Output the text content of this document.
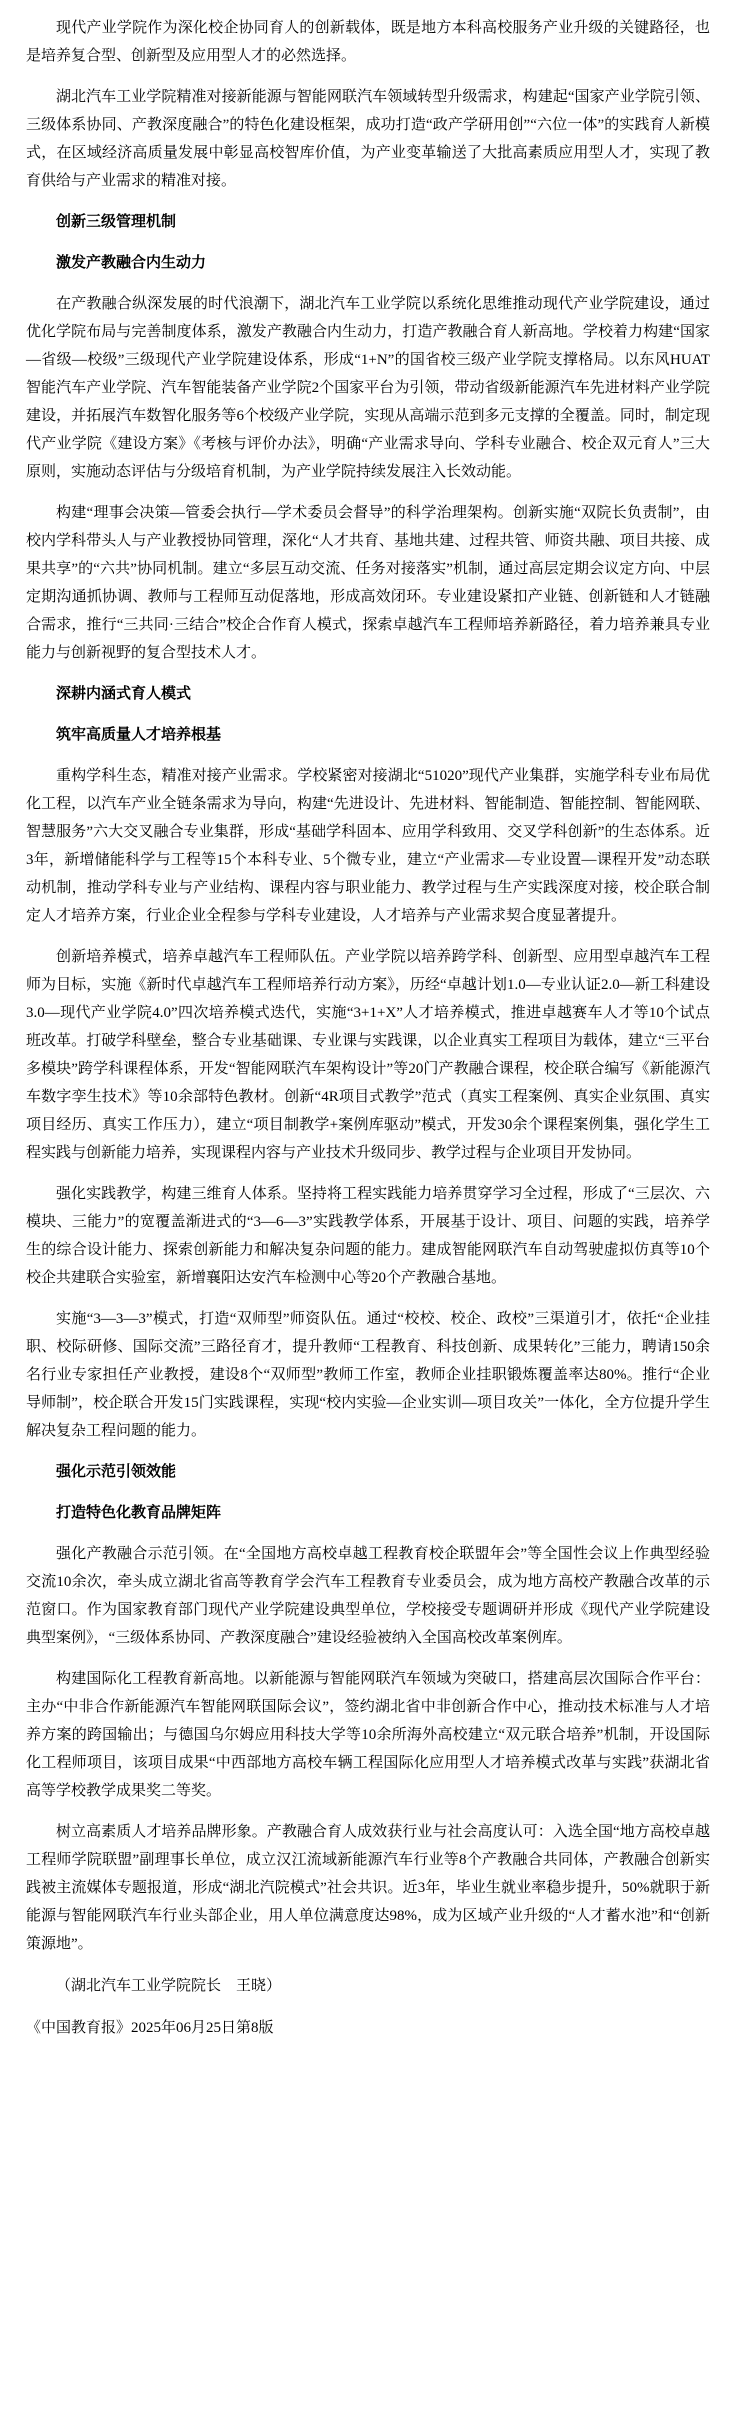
现代产业学院作为深化校企协同育人的创新载体，既是地方本科高校服务产业升级的关键路径，也是培养复合型、创新型及应用型人才的必然选择。

湖北汽车工业学院精准对接新能源与智能网联汽车领域转型升级需求，构建起“国家产业学院引领、三级体系协同、产教深度融合”的特色化建设框架，成功打造“政产学研用创”“六位一体”的实践育人新模式，在区域经济高质量发展中彰显高校智库价值，为产业变革输送了大批高素质应用型人才，实现了教育供给与产业需求的精准对接。

创新三级管理机制

激发产教融合内生动力

在产教融合纵深发展的时代浪潮下，湖北汽车工业学院以系统化思维推动现代产业学院建设，通过优化学院布局与完善制度体系，激发产教融合内生动力，打造产教融合育人新高地。学校着力构建“国家—省级—校级”三级现代产业学院建设体系，形成“1+N”的国省校三级产业学院支撑格局。以东风HUAT智能汽车产业学院、汽车智能装备产业学院2个国家平台为引领，带动省级新能源汽车先进材料产业学院建设，并拓展汽车数智化服务等6个校级产业学院，实现从高端示范到多元支撑的全覆盖。同时，制定现代产业学院《建设方案》《考核与评价办法》，明确“产业需求导向、学科专业融合、校企双元育人”三大原则，实施动态评估与分级培育机制，为产业学院持续发展注入长效动能。

构建“理事会决策—管委会执行—学术委员会督导”的科学治理架构。创新实施“双院长负责制”，由校内学科带头人与产业教授协同管理，深化“人才共育、基地共建、过程共管、师资共融、项目共接、成果共享”的“六共”协同机制。建立“多层互动交流、任务对接落实”机制，通过高层定期会议定方向、中层定期沟通抓协调、教师与工程师互动促落地，形成高效闭环。专业建设紧扣产业链、创新链和人才链融合需求，推行“三共同·三结合”校企合作育人模式，探索卓越汽车工程师培养新路径，着力培养兼具专业能力与创新视野的复合型技术人才。

深耕内涵式育人模式

筑牢高质量人才培养根基

重构学科生态，精准对接产业需求。学校紧密对接湖北“51020”现代产业集群，实施学科专业布局优化工程，以汽车产业全链条需求为导向，构建“先进设计、先进材料、智能制造、智能控制、智能网联、智慧服务”六大交叉融合专业集群，形成“基础学科固本、应用学科致用、交叉学科创新”的生态体系。近3年，新增储能科学与工程等15个本科专业、5个微专业，建立“产业需求—专业设置—课程开发”动态联动机制，推动学科专业与产业结构、课程内容与职业能力、教学过程与生产实践深度对接，校企联合制定人才培养方案，行业企业全程参与学科专业建设，人才培养与产业需求契合度显著提升。

创新培养模式，培养卓越汽车工程师队伍。产业学院以培养跨学科、创新型、应用型卓越汽车工程师为目标，实施《新时代卓越汽车工程师培养行动方案》，历经“卓越计划1.0—专业认证2.0—新工科建设3.0—现代产业学院4.0”四次培养模式迭代，实施“3+1+X”人才培养模式，推进卓越赛车人才等10个试点班改革。打破学科壁垒，整合专业基础课、专业课与实践课，以企业真实工程项目为载体，建立“三平台多模块”跨学科课程体系，开发“智能网联汽车架构设计”等20门产教融合课程，校企联合编写《新能源汽车数字孪生技术》等10余部特色教材。创新“4R项目式教学”范式（真实工程案例、真实企业氛围、真实项目经历、真实工作压力），建立“项目制教学+案例库驱动”模式，开发30余个课程案例集，强化学生工程实践与创新能力培养，实现课程内容与产业技术升级同步、教学过程与企业项目开发协同。

强化实践教学，构建三维育人体系。坚持将工程实践能力培养贯穿学习全过程，形成了“三层次、六模块、三能力”的宽覆盖渐进式的“3—6—3”实践教学体系，开展基于设计、项目、问题的实践，培养学生的综合设计能力、探索创新能力和解决复杂问题的能力。建成智能网联汽车自动驾驶虚拟仿真等10个校企共建联合实验室，新增襄阳达安汽车检测中心等20个产教融合基地。

实施“3—3—3”模式，打造“双师型”师资队伍。通过“校校、校企、政校”三渠道引才，依托“企业挂职、校际研修、国际交流”三路径育才，提升教师“工程教育、科技创新、成果转化”三能力，聘请150余名行业专家担任产业教授，建设8个“双师型”教师工作室，教师企业挂职锻炼覆盖率达80%。推行“企业导师制”，校企联合开发15门实践课程，实现“校内实验—企业实训—项目攻关”一体化，全方位提升学生解决复杂工程问题的能力。

强化示范引领效能

打造特色化教育品牌矩阵

强化产教融合示范引领。在“全国地方高校卓越工程教育校企联盟年会”等全国性会议上作典型经验交流10余次，牵头成立湖北省高等教育学会汽车工程教育专业委员会，成为地方高校产教融合改革的示范窗口。作为国家教育部门现代产业学院建设典型单位，学校接受专题调研并形成《现代产业学院建设典型案例》，“三级体系协同、产教深度融合”建设经验被纳入全国高校改革案例库。

构建国际化工程教育新高地。以新能源与智能网联汽车领域为突破口，搭建高层次国际合作平台：主办“中非合作新能源汽车智能网联国际会议”，签约湖北省中非创新合作中心，推动技术标准与人才培养方案的跨国输出；与德国乌尔姆应用科技大学等10余所海外高校建立“双元联合培养”机制，开设国际化工程师项目，该项目成果“中西部地方高校车辆工程国际化应用型人才培养模式改革与实践”获湖北省高等学校教学成果奖二等奖。

树立高素质人才培养品牌形象。产教融合育人成效获行业与社会高度认可：入选全国“地方高校卓越工程师学院联盟”副理事长单位，成立汉江流域新能源汽车行业等8个产教融合共同体，产教融合创新实践被主流媒体专题报道，形成“湖北汽院模式”社会共识。近3年，毕业生就业率稳步提升，50%就职于新能源与智能网联汽车行业头部企业，用人单位满意度达98%，成为区域产业升级的“人才蓄水池”和“创新策源地”。

（湖北汽车工业学院院长　王晓）

《中国教育报》2025年06月25日第8版
